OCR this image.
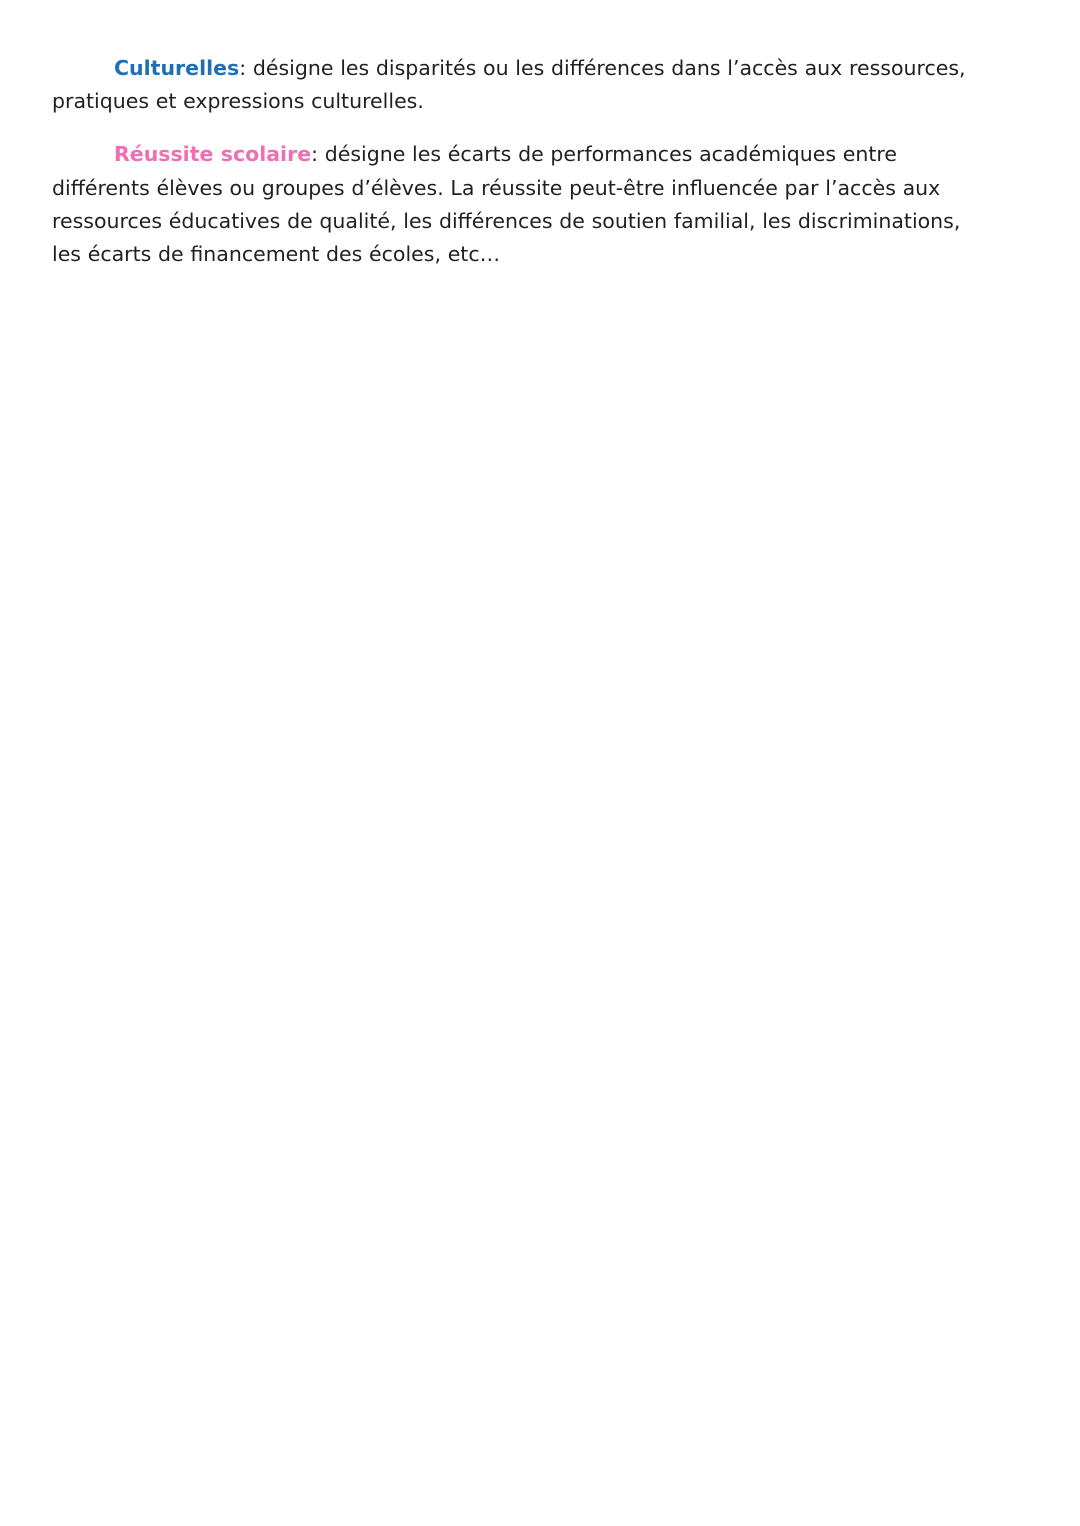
Culturelles: désigne les disparités ou les différences dans l’accès aux ressources, pratiques et expressions culturelles.

Réussite scolaire: désigne les écarts de performances académiques entre différents élèves ou groupes d’élèves. La réussite peut-être influencée par l’accès aux ressources éducatives de qualité, les différences de soutien familial, les discriminations, les écarts de financement des écoles, etc…
